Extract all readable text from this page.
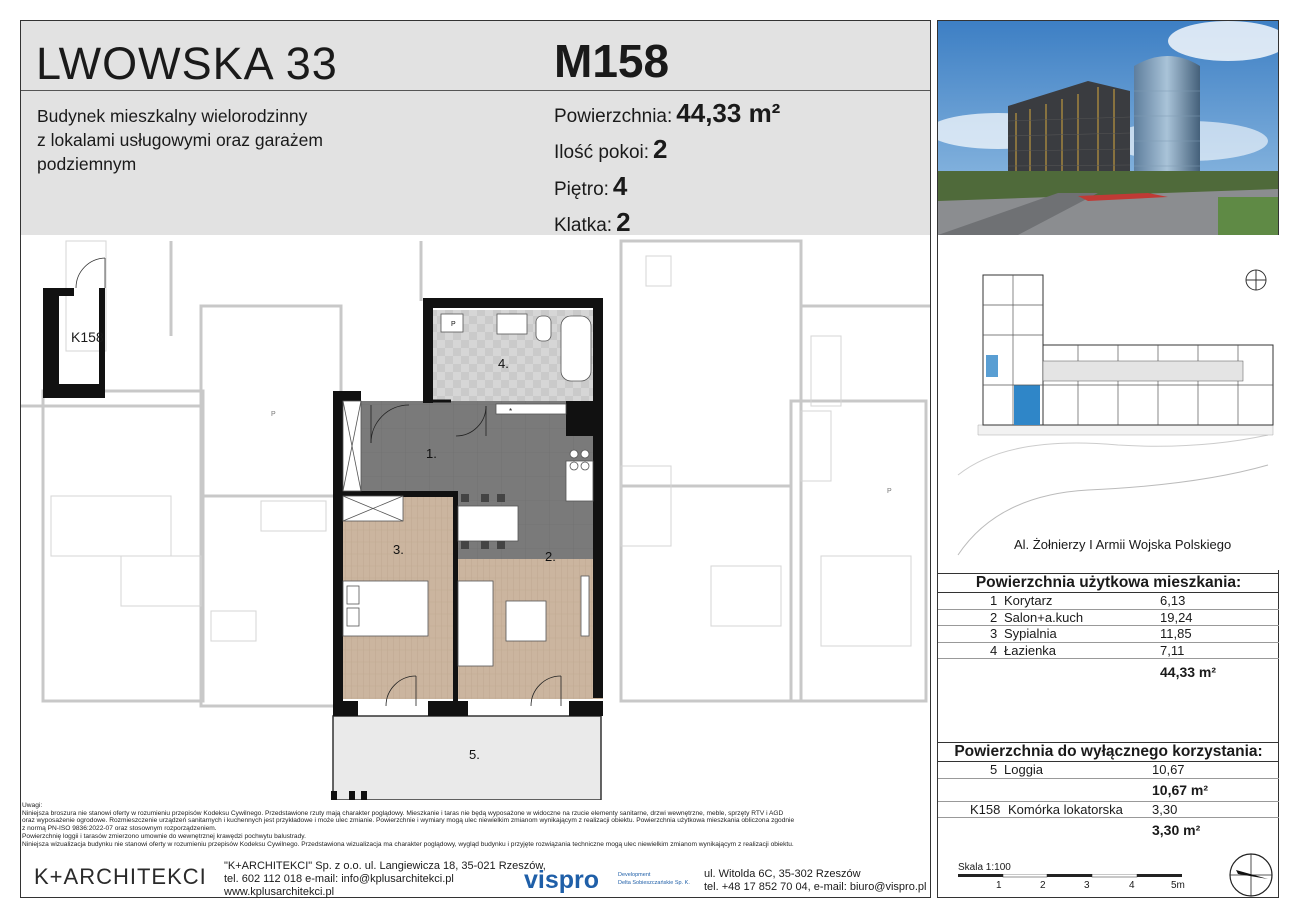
LWOWSKA 33	M158
Budynek mieszkalny wielorodzinny
z lokalami usługowymi oraz garażem
podziemnym
Powierzchnia: 44,33 m²
Ilość pokoi: 2
Piętro: 4
Klatka: 2
Al. Żołnierzy I Armii Wojska Polskiego
Powierzchnia użytkowa mieszkania:
1 Korytarz	6,13
2 Salon+a.kuch	19,24
3 Sypialnia	11,85
4 Łazienka	7,11
44,33 m²
Powierzchnia do wyłącznego korzystania:
5 Loggia	10,67
10,67 m²
K158 Komórka lokatorska 3,30
3,30 m²
Skala 1:100
1	2	3	4	5m
1.
2.
3.
4.
5.
P
P
P
*
K158
Uwagi:
Niniejsza broszura nie stanowi oferty w rozumieniu przepisów Kodeksu Cywilnego. Przedstawione rzuty mają charakter poglądowy. Mieszkanie i taras nie będą wyposażone w widoczne na rzucie elementy sanitarne, drzwi wewnętrzne, meble, sprzęty RTV i AGD
oraz wyposażenie ogrodowe. Rozmieszczenie urządzeń sanitarnych i kuchennych jest przykładowe i może ulec zmianie. Powierzchnie i wymiary mogą ulec niewielkim zmianom wynikającym z realizacji obiektu. Powierzchnia użytkowa mieszkania obliczona zgodnie
z normą PN-ISO 9836:2022-07 oraz stosownym rozporządzeniem.
Powierzchnię loggii i tarasów zmierzono umownie do wewnętrznej krawędzi pochwytu balustrady.
Niniejsza wizualizacja budynku nie stanowi oferty w rozumieniu przepisów Kodeksu Cywilnego. Przedstawiona wizualizacja ma charakter poglądowy, wygląd budynku i przyjęte rozwiązania techniczne mogą ulec niewielkim zmianom wynikającym z realizacji obiektu.
K+ARCHITEKCI "K+ARCHITEKCI" Sp. z o.o. ul. Langiewicza 18, 35-021 Rzeszów,
tel. 602 112 018 e-mail: info@kplusarchitekci.pl
www.kplusarchitekci.pl	vispro	Development
Delta Sobieszczańskie Sp. K.
ul. Witolda 6C, 35-302 Rzeszów
tel. +48 17 852 70 04, e-mail: biuro@vispro.pl
